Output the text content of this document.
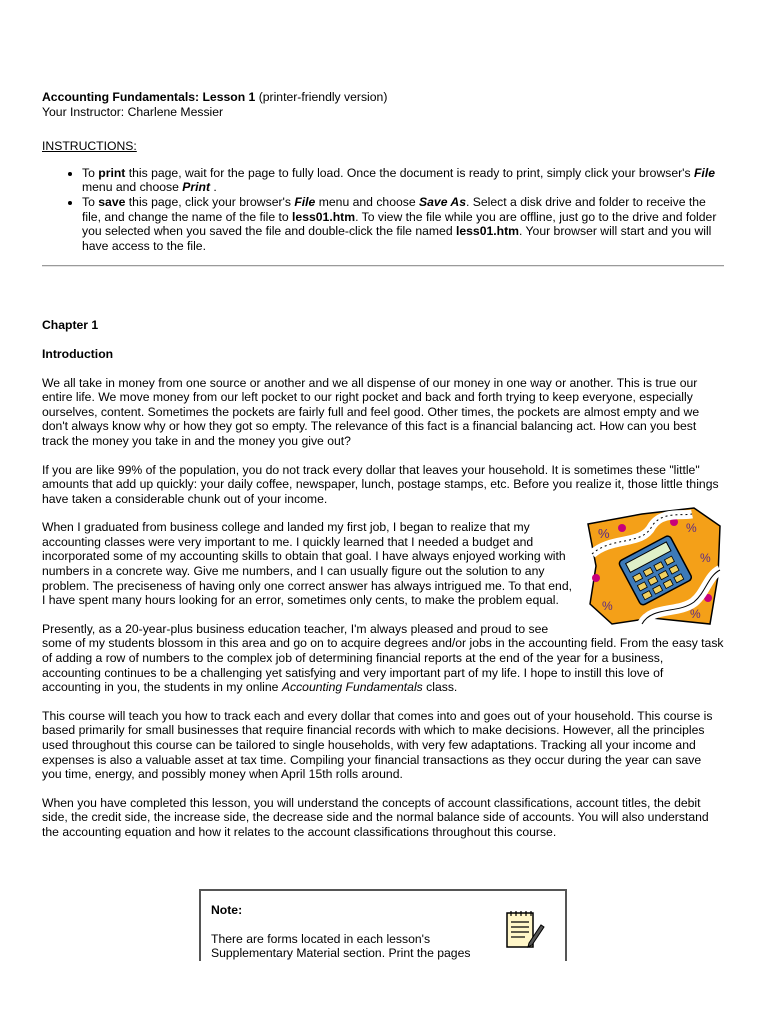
Accounting Fundamentals: Lesson 1 (printer-friendly version)

Your Instructor: Charlene Messier

INSTRUCTIONS:

• To print this page, wait for the page to fully load. Once the document is ready to print, simply click your browser's File menu and choose Print .
• To save this page, click your browser's File menu and choose Save As. Select a disk drive and folder to receive the file, and change the name of the file to less01.htm. To view the file while you are offline, just go to the drive and folder you selected when you saved the file and double-click the file named less01.htm. Your browser will start and you will have access to the file.

Chapter 1

Introduction

We all take in money from one source or another and we all dispense of our money in one way or another. This is true our entire life. We move money from our left pocket to our right pocket and back and forth trying to keep everyone, especially ourselves, content. Sometimes the pockets are fairly full and feel good. Other times, the pockets are almost empty and we don't always know why or how they got so empty. The relevance of this fact is a financial balancing act. How can you best track the money you take in and the money you give out?

If you are like 99% of the population, you do not track every dollar that leaves your household. It is sometimes these "little" amounts that add up quickly: your daily coffee, newspaper, lunch, postage stamps, etc. Before you realize it, those little things have taken a considerable chunk out of your income.

%	%
%
%
%

When I graduated from business college and landed my first job, I began to realize that my accounting classes were very important to me. I quickly learned that I needed a budget and incorporated some of my accounting skills to obtain that goal. I have always enjoyed working with numbers in a concrete way. Give me numbers, and I can usually figure out the solution to any problem. The preciseness of having only one correct answer has always intrigued me. To that end, I have spent many hours looking for an error, sometimes only cents, to make the problem equal.

Presently, as a 20-year-plus business education teacher, I'm always pleased and proud to see some of my students blossom in this area and go on to acquire degrees and/or jobs in the accounting field. From the easy task of adding a row of numbers to the complex job of determining financial reports at the end of the year for a business, accounting continues to be a challenging yet satisfying and very important part of my life. I hope to instill this love of accounting in you, the students in my online Accounting Fundamentals class.

This course will teach you how to track each and every dollar that comes into and goes out of your household. This course is based primarily for small businesses that require financial records with which to make decisions. However, all the principles used throughout this course can be tailored to single households, with very few adaptations. Tracking all your income and expenses is also a valuable asset at tax time. Compiling your financial transactions as they occur during the year can save you time, energy, and possibly money when April 15th rolls around.

When you have completed this lesson, you will understand the concepts of account classifications, account titles, the debit side, the credit side, the increase side, the decrease side and the normal balance side of accounts. You will also understand the accounting equation and how it relates to the account classifications throughout this course.

Note:

There are forms located in each lesson's Supplementary Material section. Print the pages
